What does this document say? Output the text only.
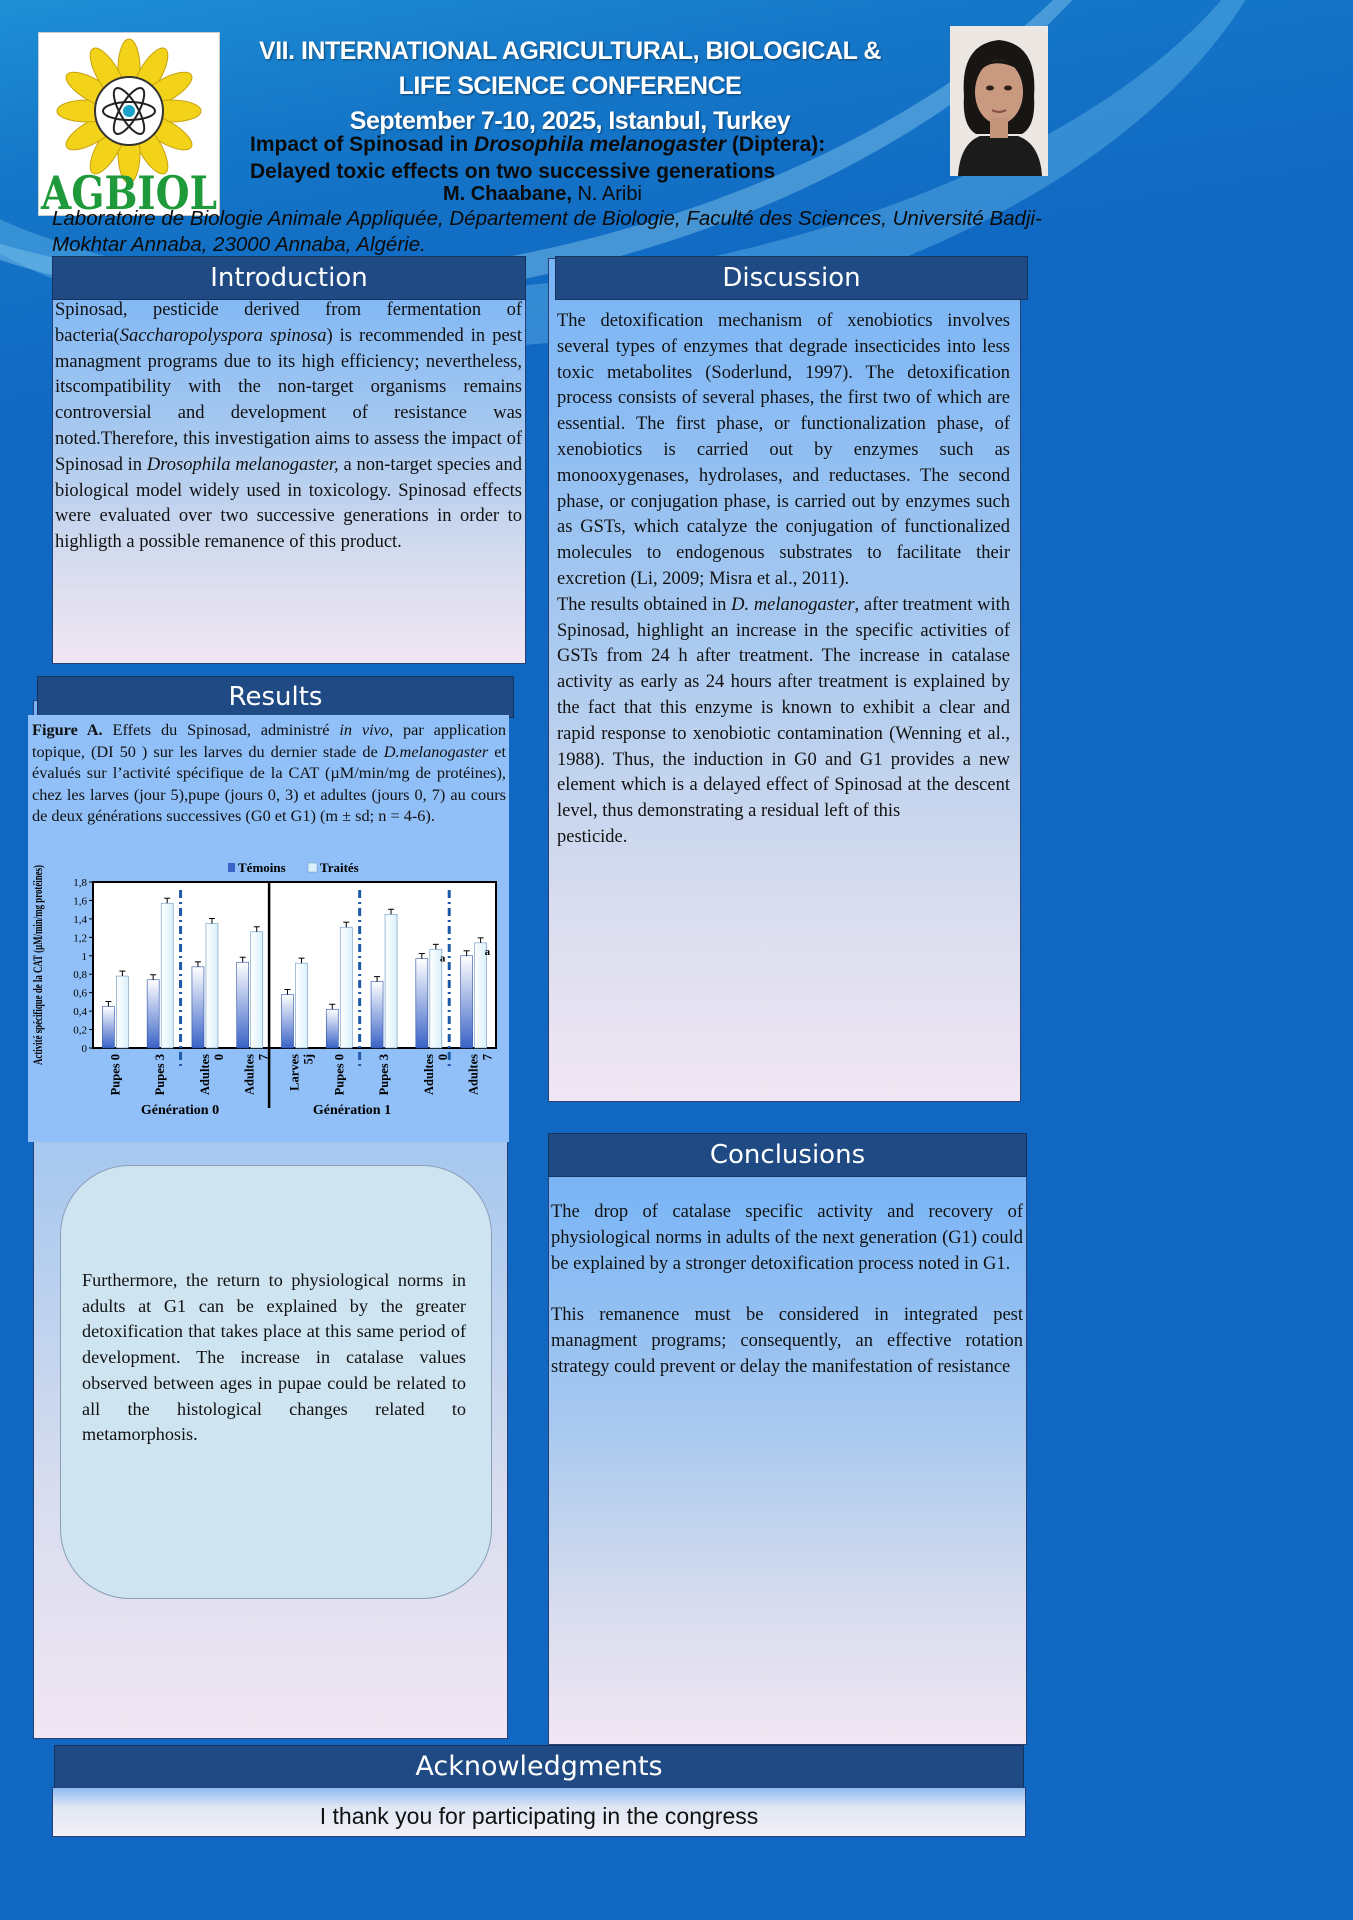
AGBIOL
VII. INTERNATIONAL AGRICULTURAL, BIOLOGICAL &
LIFE SCIENCE CONFERENCE
September 7-10, 2025, Istanbul, Turkey
Impact of Spinosad in Drosophila melanogaster (Diptera): Delayed toxic effects on two successive generations
M. Chaabane, N. Aribi
Laboratoire de Biologie Animale Appliquée, Département de Biologie, Faculté des Sciences, Université Badji- Mokhtar Annaba, 23000 Annaba, Algérie.
Introduction
Spinosad, pesticide derived from fermentation of bacteria(Saccharopolyspora spinosa) is recommended in pest managment programs due to its high efficiency; nevertheless, itscompatibility with the non-target organisms remains controversial and development of resistance was noted.Therefore, this investigation aims to assess the impact of Spinosad in Drosophila melanogaster, a non-target species and biological model widely used in toxicology. Spinosad effects were evaluated over two successive generations in order to highligth a possible remanence of this product.
Discussion
The detoxification mechanism of xenobiotics involves several types of enzymes that degrade insecticides into less toxic metabolites (Soderlund, 1997). The detoxification process consists of several phases, the first two of which are essential. The first phase, or functionalization phase, of xenobiotics is carried out by enzymes such as monooxygenases, hydrolases, and reductases. The second phase, or conjugation phase, is carried out by enzymes such as GSTs, which catalyze the conjugation of functionalized molecules to endogenous substrates to facilitate their excretion (Li, 2009; Misra et al., 2011).
The results obtained in D. melanogaster, after treatment with Spinosad, highlight an increase in the specific activities of GSTs from 24 h after treatment. The increase in catalase activity as early as 24 hours after treatment is explained by the fact that this enzyme is known to exhibit a clear and rapid response to xenobiotic contamination (Wenning et al., 1988). Thus, the induction in G0 and G1 provides a new element which is a delayed effect of Spinosad at the descent level, thus demonstrating a residual left of this
pesticide.
Results
Figure A. Effets du Spinosad, administré in vivo, par application topique, (DI 50 ) sur les larves du dernier stade de D.melanogaster et évalués sur l’activité spécifique de la CAT (µM/min/mg de protéines), chez les larves (jour 5),pupe (jours 0, 3) et adultes (jours 0, 7) au cours de deux générations successives (G0 et G1) (m ± sd; n = 4-6).
Témoins	Traités
0
0,2
0,4
0,6
0,8
1
1,2
1,4
1,6
1,8
a
a
Pupes 0 Pupes 3 Adultes0 Adultes7 Larves5j Pupes 0 Pupes 3 Adultes0 Adultes7
Activité spécifique de la CAT (µM/min/mg protéines)
Génération 0	Génération 1
Furthermore, the return to physiological norms in adults at G1 can be explained by the greater detoxification that takes place at this same period of development. The increase in catalase values observed between ages in pupae could be related to all the histological changes related to metamorphosis.
Conclusions
The drop of catalase specific activity and recovery of physiological norms in adults of the next generation (G1) could be explained by a stronger detoxification process noted in G1.
This remanence must be considered in integrated pest managment programs; consequently, an effective rotation strategy could prevent or delay the manifestation of resistance
Acknowledgments
I thank you for participating in the congress
